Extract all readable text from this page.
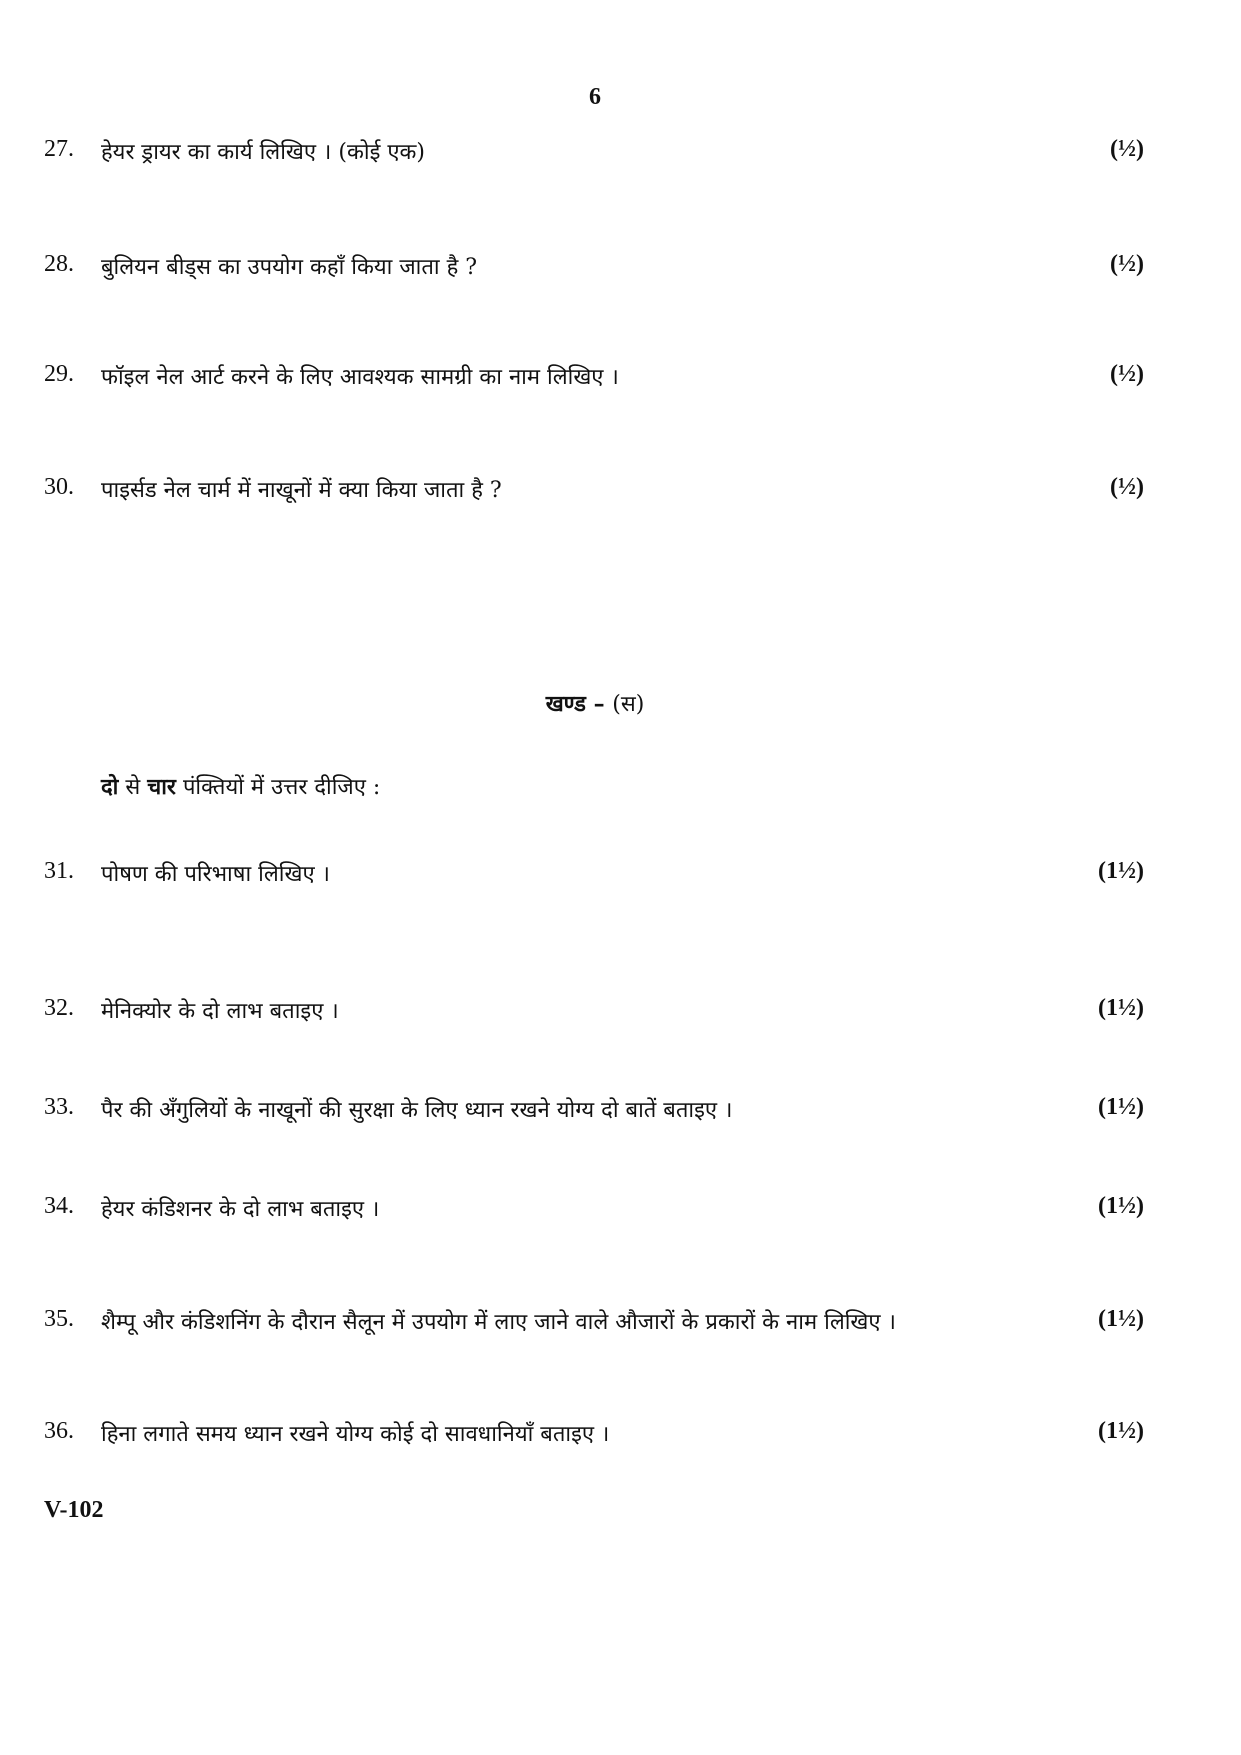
6
27. हेयर ड्रायर का कार्य लिखिए । (कोई एक)	(½)
28. बुलियन बीड्स का उपयोग कहाँ किया जाता है ?	(½)
29. फॉइल नेल आर्ट करने के लिए आवश्यक सामग्री का नाम लिखिए ।	(½)
30. पाइर्सड नेल चार्म में नाखूनों में क्या किया जाता है ?	(½)
खण्ड – (स)
दो से चार पंक्तियों में उत्तर दीजिए :
31. पोषण की परिभाषा लिखिए ।	(1½)
32. मेनिक्योर के दो लाभ बताइए ।	(1½)
33. पैर की अँगुलियों के नाखूनों की सुरक्षा के लिए ध्यान रखने योग्य दो बातें बताइए ।	(1½)
34. हेयर कंडिशनर के दो लाभ बताइए ।	(1½)
35. शैम्पू और कंडिशनिंग के दौरान सैलून में उपयोग में लाए जाने वाले औजारों के प्रकारों के नाम लिखिए ।	(1½)
36. हिना लगाते समय ध्यान रखने योग्य कोई दो सावधानियाँ बताइए ।	(1½)
V-102
